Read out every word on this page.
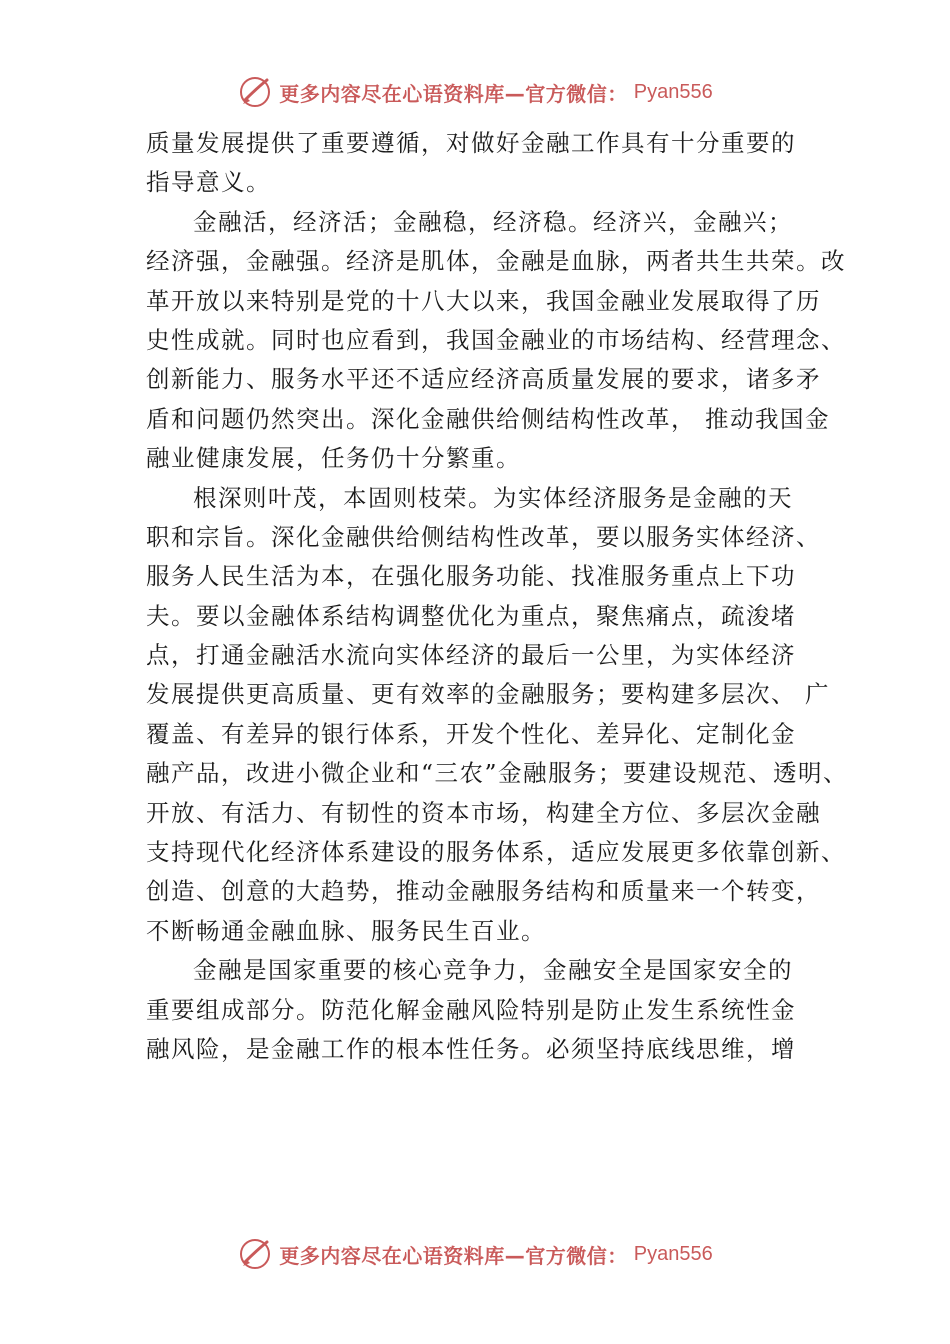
更多内容尽在心语资料库—官方微信： Pyan556
质量发展提供了重要遵循，对做好金融工作具有十分重要的
指导意义。
金融活，经济活；金融稳，经济稳。经济兴，金融兴；
经济强，金融强。经济是肌体，金融是血脉，两者共生共荣。改
革开放以来特别是党的十八大以来，我国金融业发展取得了历
史性成就。同时也应看到，我国金融业的市场结构、经营理念、
创新能力、服务水平还不适应经济高质量发展的要求，诸多矛
盾和问题仍然突出。深化金融供给侧结构性改革， 推动我国金
融业健康发展，任务仍十分繁重。
根深则叶茂，本固则枝荣。为实体经济服务是金融的天
职和宗旨。深化金融供给侧结构性改革，要以服务实体经济、
服务人民生活为本，在强化服务功能、找准服务重点上下功
夫。要以金融体系结构调整优化为重点，聚焦痛点，疏浚堵
点，打通金融活水流向实体经济的最后一公里，为实体经济
发展提供更高质量、更有效率的金融服务；要构建多层次、 广
覆盖、有差异的银行体系，开发个性化、差异化、定制化金
融产品，改进小微企业和“三农”金融服务；要建设规范、透明、
开放、有活力、有韧性的资本市场，构建全方位、多层次金融
支持现代化经济体系建设的服务体系，适应发展更多依靠创新、
创造、创意的大趋势，推动金融服务结构和质量来一个转变，
不断畅通金融血脉、服务民生百业。
金融是国家重要的核心竞争力，金融安全是国家安全的
重要组成部分。防范化解金融风险特别是防止发生系统性金
融风险，是金融工作的根本性任务。必须坚持底线思维，增
更多内容尽在心语资料库—官方微信： Pyan556
